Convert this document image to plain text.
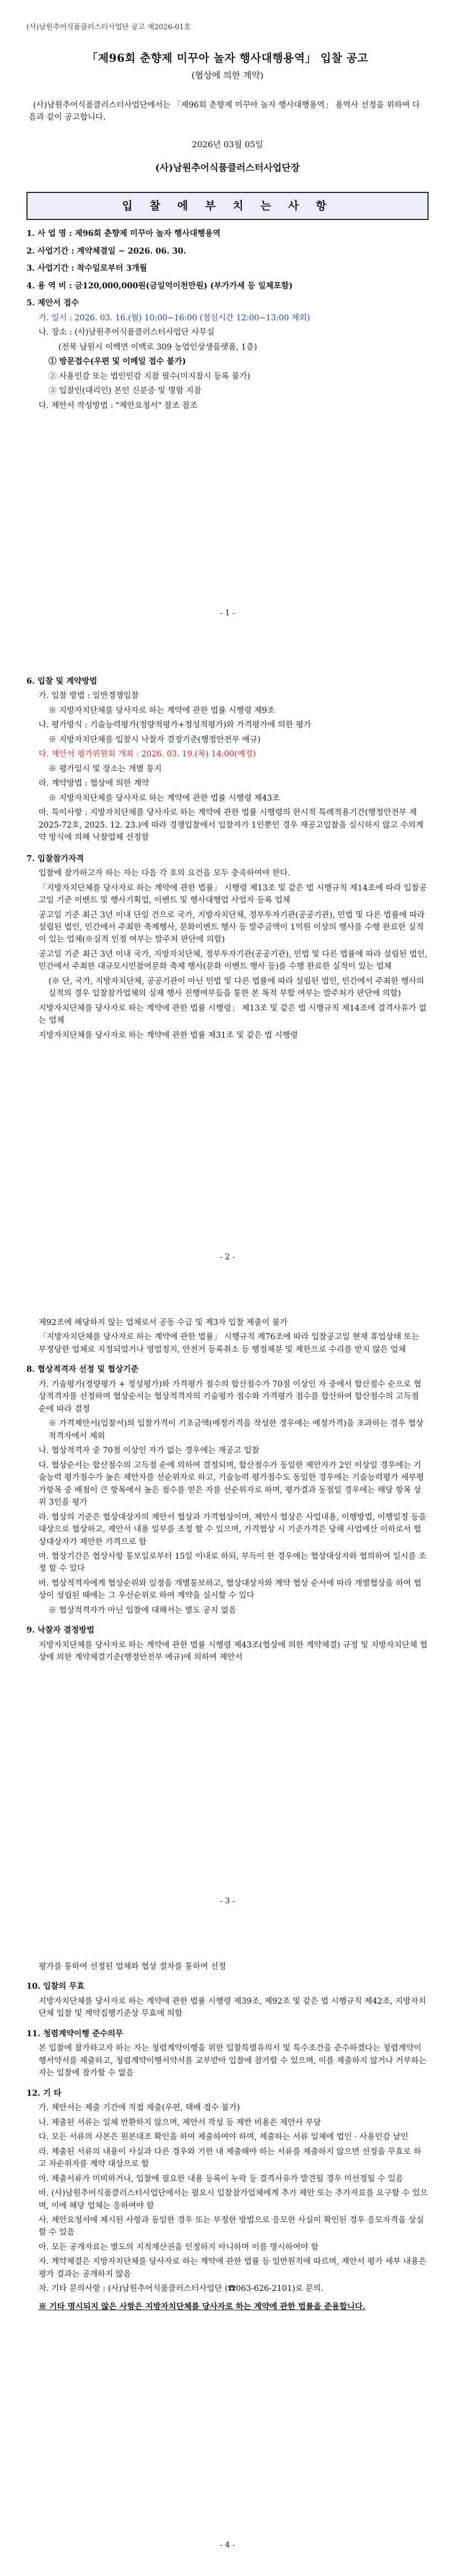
(사)남원추어식품클러스터사업단 공고 제2026-01호
「제96회 춘향제 미꾸아 놀자 행사대행용역」 입찰 공고
(협상에 의한 계약)
(사)남원추어식품클러스터사업단에서는 「제96회 춘향제 미꾸아 놀자 행사대행용역」 용역사 선정을 위하여 다음과 같이 공고합니다.
2026년 03월 05일
(사)남원추어식품클러스터사업단장
입 찰 에 부 치 는 사 항
1. 사 업 명 : 제96회 춘향제 미꾸아 놀자 행사대행용역
2. 사업기간 : 계약체결일 ~ 2026. 06. 30.
3. 사업기간 : 착수일로부터 3개월
4. 용 역 비 : 금120,000,000원(금일억이천만원) (부가가세 등 일체포함)
5. 제안서 접수
가. 일시 : 2026. 03. 16.(월) 10:00~16:00 (점심시간 12:00~13:00 제외)
나. 장소 : (사)남원추어식품클러스터사업단 사무실
(전북 남원시 이백면 이백로 309 농업인상생플랫폼, 1층)
① 방문접수(우편 및 이메일 접수 불가)
② 사용인감 또는 법인인감 지참 필수(미지참시 등록 불가)
③ 입찰인(대리인) 본인 신분증 및 명함 지참
다. 제안서 작성방법 : "제안요청서" 참조 참조
- 1 -
6. 입찰 및 계약방법
가. 입찰 방법 : 일반경쟁입찰
※ 지방자치단체를 당사자로 하는 계약에 관한 법률 시행령 제9조
나. 평가방식 : 기술능력평가(정량적평가+정성적평가)와 가격평가에 의한 평가
※ 지방자치단체를 입찰시 낙찰자 결정기준(행정안전부 예규)
다. 제안서 평가위원회 개최 : 2026. 03. 19.(목) 14:00(예정)
※ 평가일시 및 장소는 개별 통지
라. 계약방법 : 협상에 의한 계약
※ 지방자치단체를 당사자로 하는 계약에 관한 법률 시행령 제43조
마. 특이사항 : 지방자치단체를 당사자로 하는 계약에 관한 법률 시행령의 한시적 특례적용기간(행정안전부 제2025-72호, 2025. 12. 23.)에 따라 경쟁입찰에서 입찰자가 1인뿐인 경우 재공고입찰을 실시하지 않고 수의계약 방식에 의해 낙찰업체 선정함
7. 입찰참가자격
입찰에 참가하고자 하는 자는 다음 각 호의 요건을 모두 충족하여야 한다.
「지방자치단체를 당사자로 하는 계약에 관한 법률」 시행령 제13조 및 같은 법 시행규칙 제14조에 따라 입찰공고일 기준 이벤트 및 행사기획업, 이벤트 및 행사대행업 사업자 등록 업체
공고일 기준 최근 3년 이내 단일 건으로 국가, 지방자치단체, 정부투자기관(공공기관), 민법 및 다른 법률에 따라 설립된 법인, 민간에서 주최한 축제행사, 문화이벤트 행사 등 발주금액이 1억원 이상의 행사를 수행 완료한 실적이 있는 업체(※실적 인정 여부는 발주처 판단에 의함)
공고일 기준 최근 3년 이내 국가, 지방자치단체, 정부투자기관(공공기관), 민법 및 다른 법률에 따라 설립된 법인, 민간에서 주최한 대규모시민참여문화 축제 행사(문화 이벤트 행사 등)를 수행 완료한 실적이 있는 업체
(※ 단, 국가, 지방자치단체, 공공기관이 아닌 민법 및 다른 법률에 따라 설립된 법인, 민간에서 주최한 행사의 실적의 경우 입찰참가업체의 실제 행사 진행여부들을 통한 본 목적 부합 여부는 발주처가 판단에 의함)
지방자치단체를 당사자로 하는 계약에 관한 법률 시행령」 제13조 및 같은 법 시행규칙 제14조에 결격사유가 없는 업체
지방자치단체를 당사자로 하는 계약에 관한 법률 제31조 및 같은 법 시행령
- 2 -
제92조에 해당하지 않는 업체로서 공동 수급 및 제3자 입찰 제출이 불가
「지방자치단체를 당사자로 하는 계약에 관한 법률」 시행규칙 제76조에 따라 입찰공고일 현재 휴업상태 또는 부정당한 업체로 지정되었거나 영업정지, 안전거 등록취소 등 행정제분 및 제한으로 수리를 받지 않은 업체
8. 협상적격자 선정 및 협상기준
가. 기술평가(정량평가 + 정성평가)와 가격평가 점수의 합산점수가 70점 이상인 자 중에서 합산점수 순으로 협상적격자를 선정하며 협상순서는 협상적격자의 기술평가 점수와 가격평가 점수를 합산하여 합산점수의 고득점 순에 따라 결정
※ 가격제안서(입찰서)의 입찰가격이 기초금액(예정가격을 작성한 경우에는 예정가격)을 초과하는 경우 협상적격자에서 제외
나. 협상적격자 중 70점 이상인 자가 없는 경우에는 재공고 입찰
다. 협상순서는 합산점수의 고득점 순에 의하여 결정되며, 합산점수가 동일한 제안자가 2인 이상일 경우에는 기술능력 평가점수가 높은 제안자를 선순위자로 하고, 기술능력 평가점수도 동일한 경우에는 기술능력평가 세부평가항목 중 배점이 큰 항목에서 높은 점수를 얻은 자를 선순위자로 하며, 평가결과 동점일 경우에는 해당 항목 상위 3인을 평가
라. 협상의 기준은 협상대상자의 제안서 협상과 가격협상이며, 제안서 협상은 사업내용, 이행방법, 이행일정 등을 대상으로 협상하고, 제안서 내용 일부를 조정 할 수 있으며, 가격협상 시 기준가격은 당해 사업예산 이하로서 협상대상자가 제안한 가격으로 함
마. 협상기간은 협상사항 통보일로부터 15일 이내로 하되, 부득이 한 경우에는 협상대상자와 협의하여 일시를 조정 할 수 있다
바. 협상적격자에게 협상순위와 일정을 개별통보하고, 협상대상자와 계약 협상 순서에 따라 개별협상을 하여 협상이 성립된 때에는 그 우선순위로 하여 계약을 실시할 수 있다
※ 협상적격자가 아닌 입찰에 대해서는 별도 공지 없음
9. 낙찰자 결정방법
지방자치단체를 당사자로 하는 계약에 관한 법률 시행령 제43조(협상에 의한 계약체결) 규정 및 지방자치단체 협상에 의한 계약체결기준(행정안전부 예규)에 의하여 제안서
- 3 -
평가를 통하여 선정된 업체와 협상 절차를 통하여 선정
10. 입찰의 무효
지방자치단체를 당사자로 하는 계약에 관한 법률 시행령 제39조, 제92조 및 같은 법 시행규칙 제42조, 지방자치단체 입찰 및 계약집행기준상 무효에 의함
11. 청렴계약이행 준수의무
본 입찰에 참가하고자 하는 자는 청렴계약이행을 위한 입찰특별유의서 및 특수조건을 준수하겠다는 청렴계약이행서약서를 제출하고, 청렴계약이행서약서를 교부받아 입찰에 참가할 수 있으며, 이를 제출하지 않거나 거부하는 자는 입찰에 참가할 수 없음
12. 기 타
가. 제안서는 제출 기간에 직접 제출(우편, 택배 접수 불가)
나. 제출된 서류는 일체 반환하지 않으며, 제안서 작성 등 제반 비용은 제안사 부담
다. 모든 서류의 사본은 원본대조 확인을 하여 제출하여야 하며, 제출하는 서류 일체에 법인 · 사용인감 날인
라. 제출된 서류의 내용이 사실과 다른 경우와 기한 내 제출해야 하는 서류를 제출하지 않으면 선정을 무효로 하고 차순위자를 계약 대상으로 할
마. 제출서류가 미비하거나, 입찰에 필요한 내용 등록이 누락 등 결격사유가 발견될 경우 미선정될 수 있음
바. (사)남원추어식품클러스터사업단에서는 필요시 입찰참가업체에게 추가 제안 또는 추가자료를 요구할 수 있으며, 이에 해당 업체는 응하여야 함
사. 제안요청서에 제시된 사항과 동일한 경우 또는 부정한 방법으로 응모한 사실이 확인된 경우 응모자격을 상실할 수 있음
아. 모든 공개자료는 별도의 지적재산권을 인정하지 아니하며 이를 명시하여야 함
자. 계약체결은 지방자치단체를 당사자로 하는 계약에 관한 법률 등 일반원칙에 따르며, 제안서 평가 세부 내용은 평가 결과는 공개하지 않음
차. 기타 문의사항 : (사)남원추어식품클러스터사업단 (☎063-626-2101)로 문의.
※ 기타 명시되지 않은 사항은 지방자치단체를 당사자로 하는 계약에 관한 법률을 준용합니다.
- 4 -
